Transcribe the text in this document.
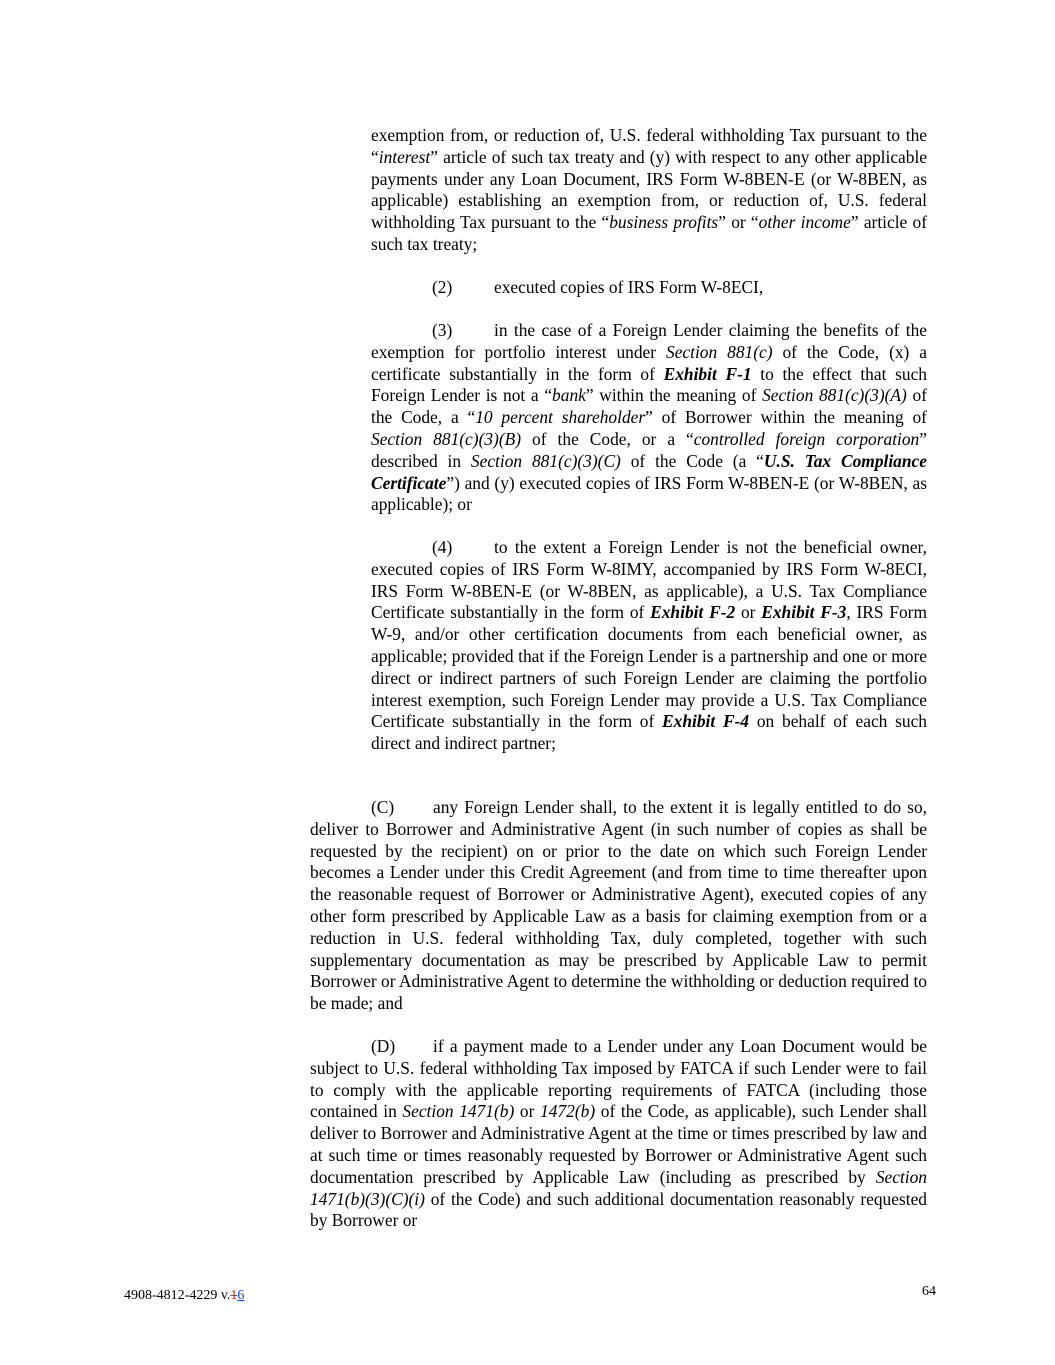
exemption from, or reduction of, U.S. federal withholding Tax pursuant to the “interest” article of such tax treaty and (y) with respect to any other applicable payments under any Loan Document, IRS Form W-8BEN-E (or W-8BEN, as applicable) establishing an exemption from, or reduction of, U.S. federal withholding Tax pursuant to the “business profits” or “other income” article of such tax treaty;

(2) executed copies of IRS Form W-8ECI,

(3) in the case of a Foreign Lender claiming the benefits of the exemption for portfolio interest under Section 881(c) of the Code, (x) a certificate substantially in the form of Exhibit F-1 to the effect that such Foreign Lender is not a “bank” within the meaning of Section 881(c)(3)(A) of the Code, a “10 percent shareholder” of Borrower within the meaning of Section 881(c)(3)(B) of the Code, or a “controlled foreign corporation” described in Section 881(c)(3)(C) of the Code (a “U.S. Tax Compliance Certificate”) and (y) executed copies of IRS Form W-8BEN-E (or W-8BEN, as applicable); or

(4) to the extent a Foreign Lender is not the beneficial owner, executed copies of IRS Form W-8IMY, accompanied by IRS Form W-8ECI, IRS Form W-8BEN-E (or W-8BEN, as applicable), a U.S. Tax Compliance Certificate substantially in the form of Exhibit F-2 or Exhibit F-3, IRS Form W-9, and/or other certification documents from each beneficial owner, as applicable; provided that if the Foreign Lender is a partnership and one or more direct or indirect partners of such Foreign Lender are claiming the portfolio interest exemption, such Foreign Lender may provide a U.S. Tax Compliance Certificate substantially in the form of Exhibit F-4 on behalf of each such direct and indirect partner;

(C) any Foreign Lender shall, to the extent it is legally entitled to do so, deliver to Borrower and Administrative Agent (in such number of copies as shall be requested by the recipient) on or prior to the date on which such Foreign Lender becomes a Lender under this Credit Agreement (and from time to time thereafter upon the reasonable request of Borrower or Administrative Agent), executed copies of any other form prescribed by Applicable Law as a basis for claiming exemption from or a reduction in U.S. federal withholding Tax, duly completed, together with such supplementary documentation as may be prescribed by Applicable Law to permit Borrower or Administrative Agent to determine the withholding or deduction required to be made; and

(D) if a payment made to a Lender under any Loan Document would be subject to U.S. federal withholding Tax imposed by FATCA if such Lender were to fail to comply with the applicable reporting requirements of FATCA (including those contained in Section 1471(b) or 1472(b) of the Code, as applicable), such Lender shall deliver to Borrower and Administrative Agent at the time or times prescribed by law and at such time or times reasonably requested by Borrower or Administrative Agent such documentation prescribed by Applicable Law (including as prescribed by Section 1471(b)(3)(C)(i) of the Code) and such additional documentation reasonably requested by Borrower or

4908-4812-4229 v.16	64
